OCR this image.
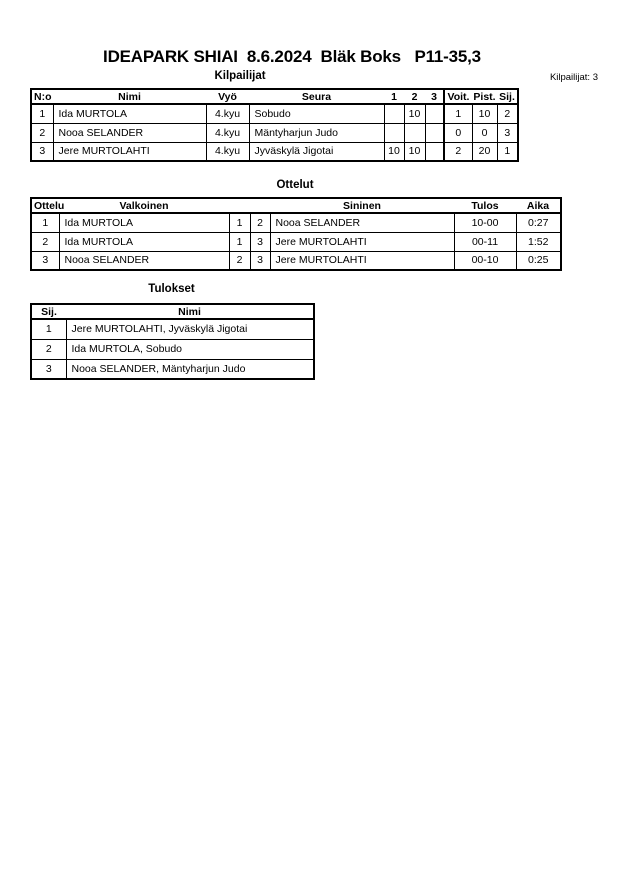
IDEAPARK SHIAI  8.6.2024  Bläk Boks   P11-35,3
Kilpailijat	Kilpailijat: 3
N:o	Nimi	Vyö	Seura	1	2	3	Voit.	Pist.	Sij.
1	Ida MURTOLA	4.kyu	Sobudo		10		1	10	2
2	Nooa SELANDER	4.kyu	Mäntyharjun Judo				0	0	3
3	Jere MURTOLAHTI	4.kyu	Jyväskylä Jigotai	10	10		2	20	1
Ottelut
Ottelu	Valkoinen			Sininen	Tulos	Aika
1	Ida MURTOLA	1	2	Nooa SELANDER	10-00	0:27
2	Ida MURTOLA	1	3	Jere MURTOLAHTI	00-11	1:52
3	Nooa SELANDER	2	3	Jere MURTOLAHTI	00-10	0:25
Tulokset
Sij.	Nimi
1	Jere MURTOLAHTI, Jyväskylä Jigotai
2	Ida MURTOLA, Sobudo
3	Nooa SELANDER, Mäntyharjun Judo
